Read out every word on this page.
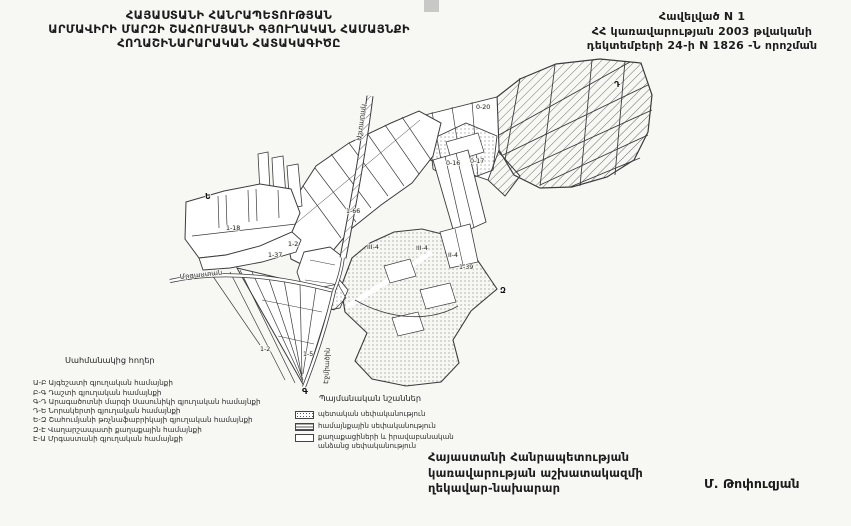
ՀԱՅԱՍՏԱՆԻ ՀԱՆՐԱՊԵՏՈՒԹՅԱՆ
ԱՐՄԱՎԻՐԻ ՄԱՐԶԻ ՇԱՀՈՒՄՅԱՆԻ ԳՅՈՒՂԱԿԱՆ ՀԱՄԱՅՆՔԻ
ՀՈՂԱՇԻՆԱՐԱՐԱԿԱՆ ՀԱՏԱԿԱԳԻԾԸ
Հավելված N 1
ՀՀ կառավարության 2003 թվականի
դեկտեմբերի 24-ի N 1826 -Ն որոշման
Աշտարակ
Մրգաստան
Էջմիածին
1-18
1-37
1-2
1-66
0-20
0-16 0-17
III-4	III-4
II-4
1-39
1-2
1-5
Ե
Գ
Զ
Դ
Սահմանակից հողեր
Ա-Բ Այգեշատի գյուղական համայնքի
Բ-Գ Դաշտի գյուղական համայնքի
Գ-Դ Արագածոտնի մարզի Սասունիկի գյուղական համայնքի
Դ-Ե Նորակերտի գյուղական համայնքի
Ե-Զ Շահումյանի թռչնաֆաբրիկայի գյուղական համայնքի
Զ-Է Վաղարշապատի քաղաքային համայնքի
Է-Ա Մրգաստանի գյուղական համայնքի
Պայմանական նշաններ
պետական սեփականություն
համայնքային սեփականություն
քաղաքացիների և իրավաբանական անձանց սեփականություն
Հայաստանի Հանրապետության
կառավարության աշխատակազմի
ղեկավար-նախարար	Մ. Թոփուզյան
